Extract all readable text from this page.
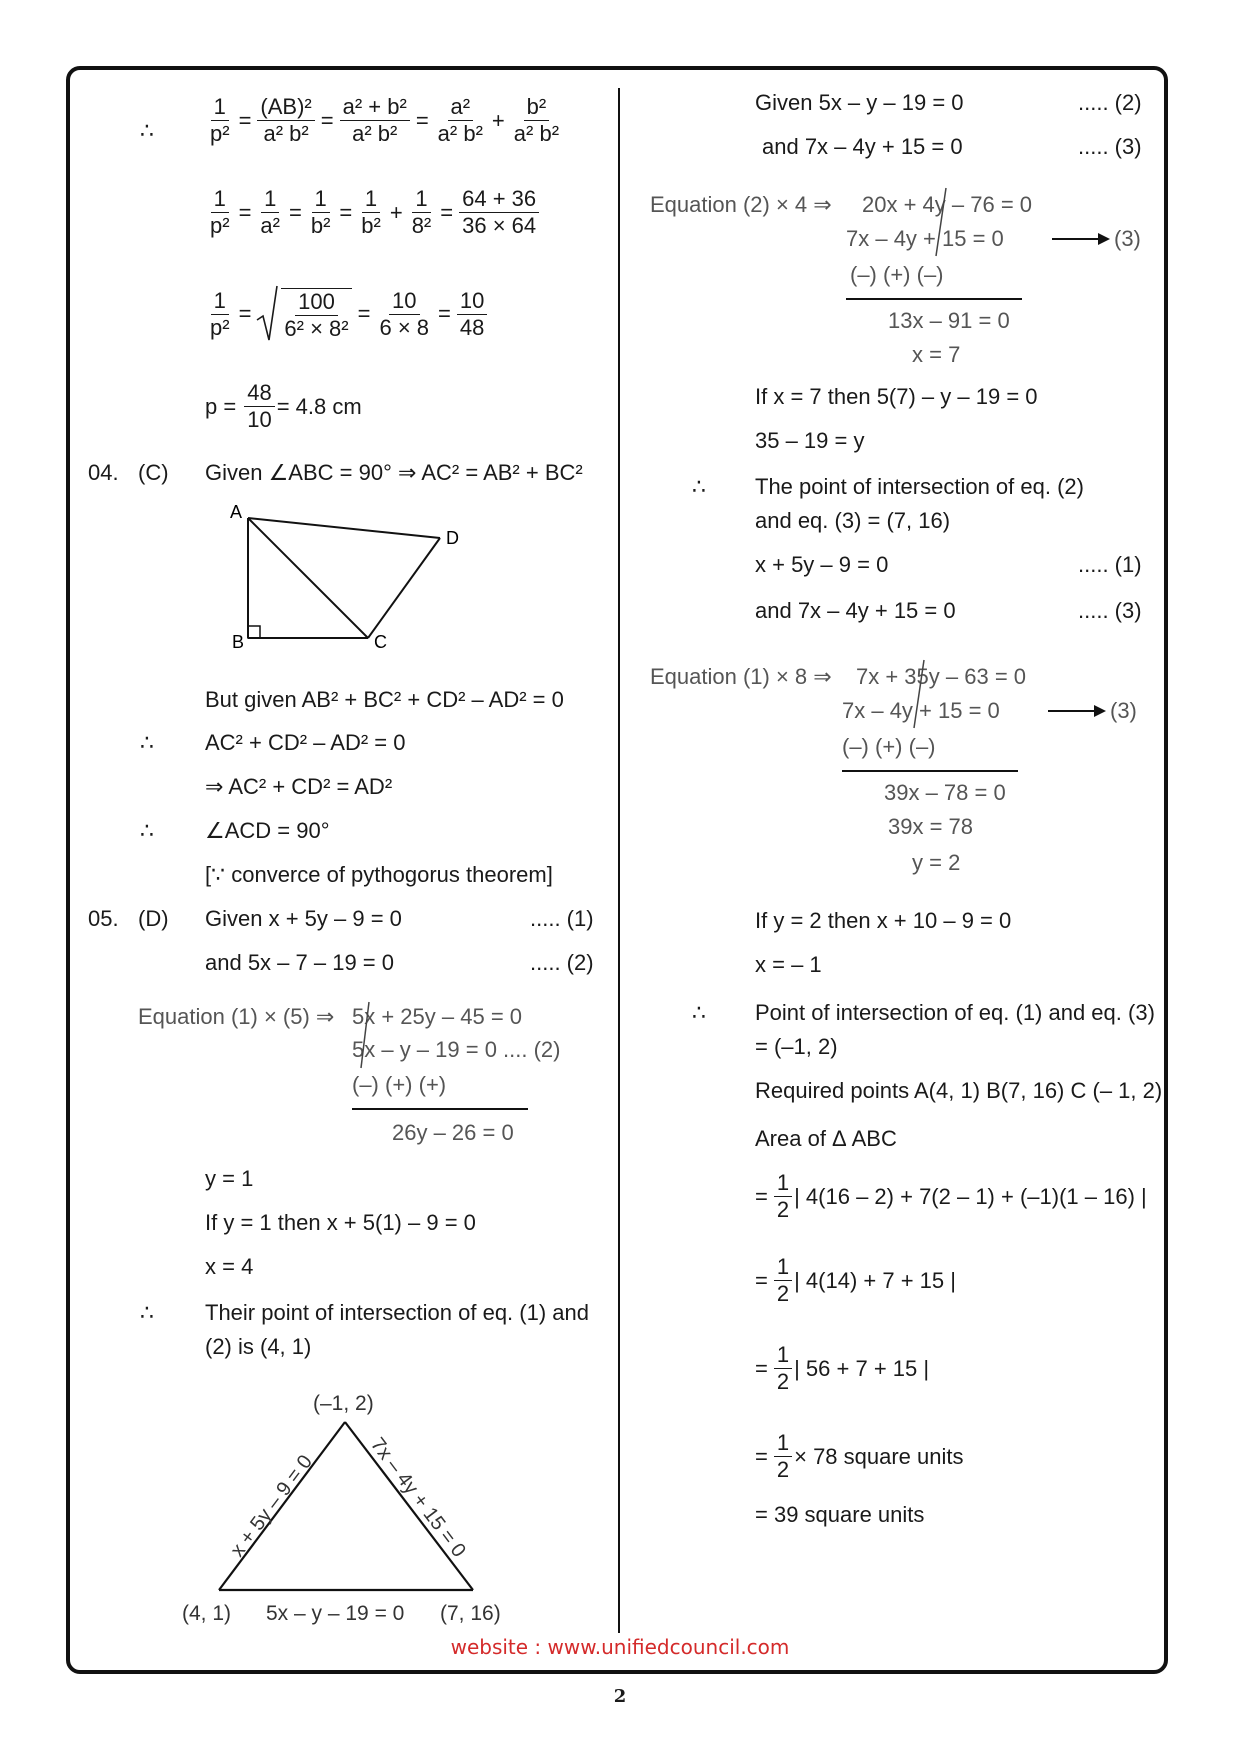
∴ $\frac{1}{\text{p²}} = \frac{\text{(AB)²}}{\text{a² b²}} = \frac{\text{a² + b²}}{\text{a² b²}} = \frac{\text{a²}}{\text{a² b²}} + \frac{\text{b²}}{\text{a² b²}}$
$\frac{1}{\text{p²}} = \frac{1}{\text{a²}} = \frac{1}{\text{b²}} = \frac{1}{\text{b²}} + \frac{1}{\text{8²}} = \frac{64 + 36}{36 \times 64}$
$\frac{1}{\text{p²}} = \frac{100}{\text{6² × 8²}} = \frac{10}{6 \times 8} = \frac{10}{48}$
$p = \frac{48}{10} = 4.8$ cm
04. (C) Given ∠ABC = 90° ⇒ AC² = AB² + BC²
A
B	C
D
But given AB² + BC² + CD² – AD² = 0
∴ AC² + CD² – AD² = 0
⇒ AC² + CD² = AD²
∴ ∠ACD = 90°
[∵ converce of pythogorus theorem]
05. (D) Given x + 5y – 9 = 0	..... (1)
and 5x – 7 – 19 = 0	..... (2)
Equation (1) × (5) ⇒ 5x + 25y – 45 = 0
5x – y – 19 = 0 .... (2)
(–) (+) (+)
26y – 26 = 0
y = 1
If y = 1 then x + 5(1) – 9 = 0
x = 4
∴ Their point of intersection of eq. (1) and
(2) is (4, 1)
(–1, 2)
(4, 1)	(7, 16)
5x – y – 19 = 0
x + 5y – 9 = 0 7x – 4y + 15 = 0
Given 5x – y – 19 = 0	..... (2)
and 7x – 4y + 15 = 0	..... (3)
Equation (2) × 4 ⇒ 20x + 4y – 76 = 0
7x – 4y + 15 = 0	(3)
(–) (+) (–)
13x – 91 = 0
x = 7
If x = 7 then 5(7) – y – 19 = 0
35 – 19 = y
∴ The point of intersection of eq. (2)
and eq. (3) = (7, 16)
x + 5y – 9 = 0	..... (1)
and 7x – 4y + 15 = 0	..... (3)
Equation (1) × 8 ⇒ 7x + 35y – 63 = 0
7x – 4y + 15 = 0	(3)
(–) (+) (–)
39x – 78 = 0
39x = 78
y = 2
If y = 2 then x + 10 – 9 = 0
x = – 1
∴ Point of intersection of eq. (1) and eq. (3)
= (–1, 2)
Required points A(4, 1) B(7, 16) C (– 1, 2)
Area of Δ ABC
= $\frac{1}{2}$ | 4(16 – 2) + 7(2 – 1) + (–1)(1 – 16) |
= $\frac{1}{2}$ | 4(14) + 7 + 15 |
= $\frac{1}{2}$ | 56 + 7 + 15 |
= $\frac{1}{2} \times 78$ square units
= 39 square units
website : www.unifiedcouncil.com
2
